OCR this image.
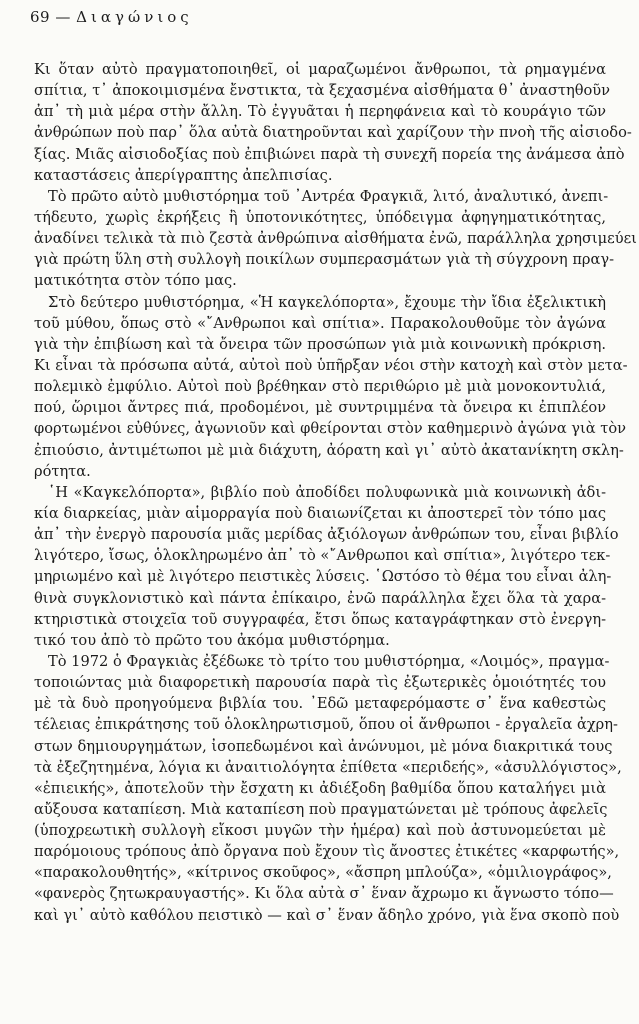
69 — Διαγώνιος
Κι ὅταν αὐτὸ πραγματοποιηθεῖ, οἱ μαραζωμένοι ἄνθρωποι, τὰ ρημαγμένα
σπίτια, τ᾽ ἀποκοιμισμένα ἔνστικτα, τὰ ξεχασμένα αἰσθήματα θ᾽ ἀναστηθοῦν
ἀπ᾽ τὴ μιὰ μέρα στὴν ἄλλη. Τὸ ἐγγυᾶται ἡ περηφάνεια καὶ τὸ κουράγιο τῶν
ἀνθρώπων ποὺ παρ᾽ ὅλα αὐτὰ διατηροῦνται καὶ χαρίζουν τὴν πνοὴ τῆς αἰσιοδο-
ξίας. Μιᾶς αἰσιοδοξίας ποὺ ἐπιβιώνει παρὰ τὴ συνεχῆ πορεία της ἀνάμεσα ἀπὸ
καταστάσεις ἀπερίγραπτης ἀπελπισίας.
Τὸ πρῶτο αὐτὸ μυθιστόρημα τοῦ ᾽Αντρέα Φραγκιᾶ, λιτό, ἀναλυτικό, ἀνεπι-
τήδευτο, χωρὶς ἐκρήξεις ἢ ὑποτονικότητες, ὑπόδειγμα ἀφηγηματικότητας,
ἀναδίνει τελικὰ τὰ πιὸ ζεστὰ ἀνθρώπινα αἰσθήματα ἐνῶ, παράλληλα χρησιμεύει
γιὰ πρώτη ὕλη στὴ συλλογὴ ποικίλων συμπερασμάτων γιὰ τὴ σύγχρονη πραγ-
ματικότητα στὸν τόπο μας.
Στὸ δεύτερο μυθιστόρημα, «Ἡ καγκελόπορτα», ἔχουμε τὴν ἴδια ἐξελικτικὴ
τοῦ μύθου, ὅπως στὸ «῎Ανθρωποι καὶ σπίτια». Παρακολουθοῦμε τὸν ἀγώνα
γιὰ τὴν ἐπιβίωση καὶ τὰ ὄνειρα τῶν προσώπων γιὰ μιὰ κοινωνικὴ πρόκριση.
Κι εἶναι τὰ πρόσωπα αὐτά, αὐτοὶ ποὺ ὑπῆρξαν νέοι στὴν κατοχὴ καὶ στὸν μετα-
πολεμικὸ ἐμφύλιο. Αὐτοὶ ποὺ βρέθηκαν στὸ περιθώριο μὲ μιὰ μονοκοντυλιά,
πού, ὥριμοι ἄντρες πιά, προδομένοι, μὲ συντριμμένα τὰ ὄνειρα κι ἐπιπλέον
φορτωμένοι εὐθύνες, ἀγωνιοῦν καὶ φθείρονται στὸν καθημερινὸ ἀγώνα γιὰ τὸν
ἐπιούσιο, ἀντιμέτωποι μὲ μιὰ διάχυτη, ἀόρατη καὶ γι᾽ αὐτὸ ἀκατανίκητη σκλη-
ρότητα.
῾Η «Καγκελόπορτα», βιβλίο ποὺ ἀποδίδει πολυφωνικὰ μιὰ κοινωνικὴ ἀδι-
κία διαρκείας, μιὰν αἱμορραγία ποὺ διαιωνίζεται κι ἀποστερεῖ τὸν τόπο μας
ἀπ᾽ τὴν ἐνεργὸ παρουσία μιᾶς μερίδας ἀξιόλογων ἀνθρώπων του, εἶναι βιβλίο
λιγότερο, ἴσως, ὁλοκληρωμένο ἀπ᾽ τὸ «῎Ανθρωποι καὶ σπίτια», λιγότερο τεκ-
μηριωμένο καὶ μὲ λιγότερο πειστικὲς λύσεις. ῾Ωστόσο τὸ θέμα του εἶναι ἀλη-
θινὰ συγκλονιστικὸ καὶ πάντα ἐπίκαιρο, ἐνῶ παράλληλα ἔχει ὅλα τὰ χαρα-
κτηριστικὰ στοιχεῖα τοῦ συγγραφέα, ἔτσι ὅπως καταγράφτηκαν στὸ ἐνεργη-
τικό του ἀπὸ τὸ πρῶτο του ἀκόμα μυθιστόρημα.
Τὸ 1972 ὁ Φραγκιὰς ἐξέδωκε τὸ τρίτο του μυθιστόρημα, «Λοιμός», πραγμα-
τοποιώντας μιὰ διαφορετικὴ παρουσία παρὰ τὶς ἐξωτερικὲς ὁμοιότητές του
μὲ τὰ δυὸ προηγούμενα βιβλία του. ᾽Εδῶ μεταφερόμαστε σ᾽ ἕνα καθεστὼς
τέλειας ἐπικράτησης τοῦ ὁλοκληρωτισμοῦ, ὅπου οἱ ἄνθρωποι - ἐργαλεῖα ἀχρη-
στων δημιουργημάτων, ἰσοπεδωμένοι καὶ ἀνώνυμοι, μὲ μόνα διακριτικά τους
τὰ ἐξεζητημένα, λόγια κι ἀναιτιολόγητα ἐπίθετα «περιδεής», «ἀσυλλόγιστος»,
«ἐπιεικής», ἀποτελοῦν τὴν ἔσχατη κι ἀδιέξοδη βαθμίδα ὅπου καταλήγει μιὰ
αὔξουσα καταπίεση. Μιὰ καταπίεση ποὺ πραγματώνεται μὲ τρόπους ἀφελεῖς
(ὑποχρεωτικὴ συλλογὴ εἴκοσι μυγῶν τὴν ἡμέρα) καὶ ποὺ ἀστυνομεύεται μὲ
παρόμοιους τρόπους ἀπὸ ὄργανα ποὺ ἔχουν τὶς ἄνοστες ἐτικέτες «καρφωτής»,
«παρακολουθητής», «κίτρινος σκοῦφος», «ἄσπρη μπλούζα», «ὁμιλιογράφος»,
«φανερὸς ζητωκραυγαστής». Κι ὅλα αὐτὰ σ᾽ ἕναν ἄχρωμο κι ἄγνωστο τόπο—
καὶ γι᾽ αὐτὸ καθόλου πειστικὸ — καὶ σ᾽ ἕναν ἄδηλο χρόνο, γιὰ ἕνα σκοπὸ ποὺ
